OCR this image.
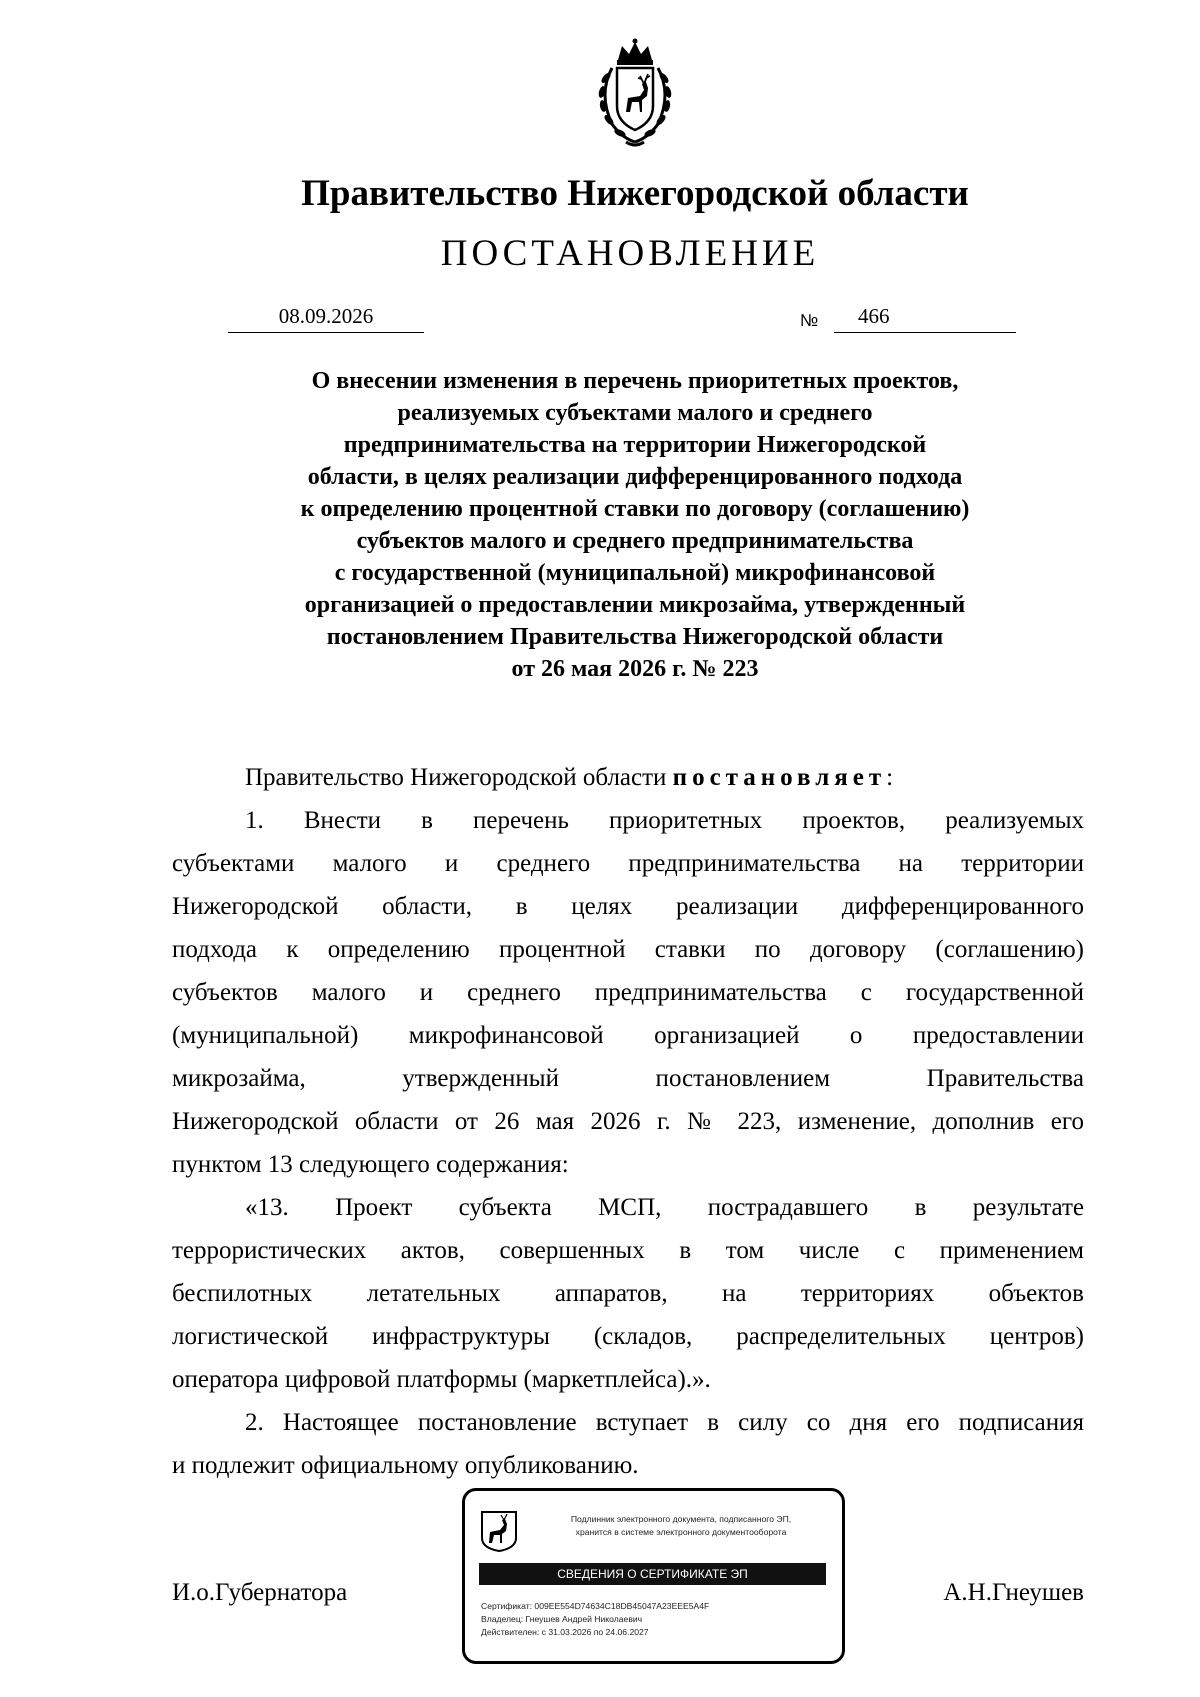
Правительство Нижегородской области
ПОСТАНОВЛЕНИЕ
08.09.2026	№	466
О внесении изменения в перечень приоритетных проектов,
реализуемых субъектами малого и среднего
предпринимательства на территории Нижегородской
области, в целях реализации дифференцированного подхода
к определению процентной ставки по договору (соглашению)
субъектов малого и среднего предпринимательства
с государственной (муниципальной) микрофинансовой
организацией о предоставлении микрозайма, утвержденный
постановлением Правительства Нижегородской области
от 26 мая 2026 г. № 223
Правительство Нижегородской области постановляет:
1. Внести в перечень приоритетных проектов, реализуемых
субъектами малого и среднего предпринимательства на территории
Нижегородской области, в целях реализации дифференцированного
подхода к определению процентной ставки по договору (соглашению)
субъектов малого и среднего предпринимательства с государственной
(муниципальной) микрофинансовой организацией о предоставлении
микрозайма, утвержденный постановлением Правительства
Нижегородской области от 26 мая 2026 г. № 223, изменение, дополнив его
пунктом 13 следующего содержания:
«13. Проект субъекта МСП, пострадавшего в результате
террористических актов, совершенных в том числе с применением
беспилотных летательных аппаратов, на территориях объектов
логистической инфраструктуры (складов, распределительных центров)
оператора цифровой платформы (маркетплейса).».
2. Настоящее постановление вступает в силу со дня его подписания
и подлежит официальному опубликованию.
И.о.Губернатора	А.Н.Гнеушев
Подлинник электронного документа, подписанного ЭП,
хранится в системе электронного документооборота
СВЕДЕНИЯ О СЕРТИФИКАТЕ ЭП
Сертификат: 009EE554D74634C18DB45047A23EEE5A4F
Владелец: Гнеушев Андрей Николаевич
Действителен: с 31.03.2026 по 24.06.2027
